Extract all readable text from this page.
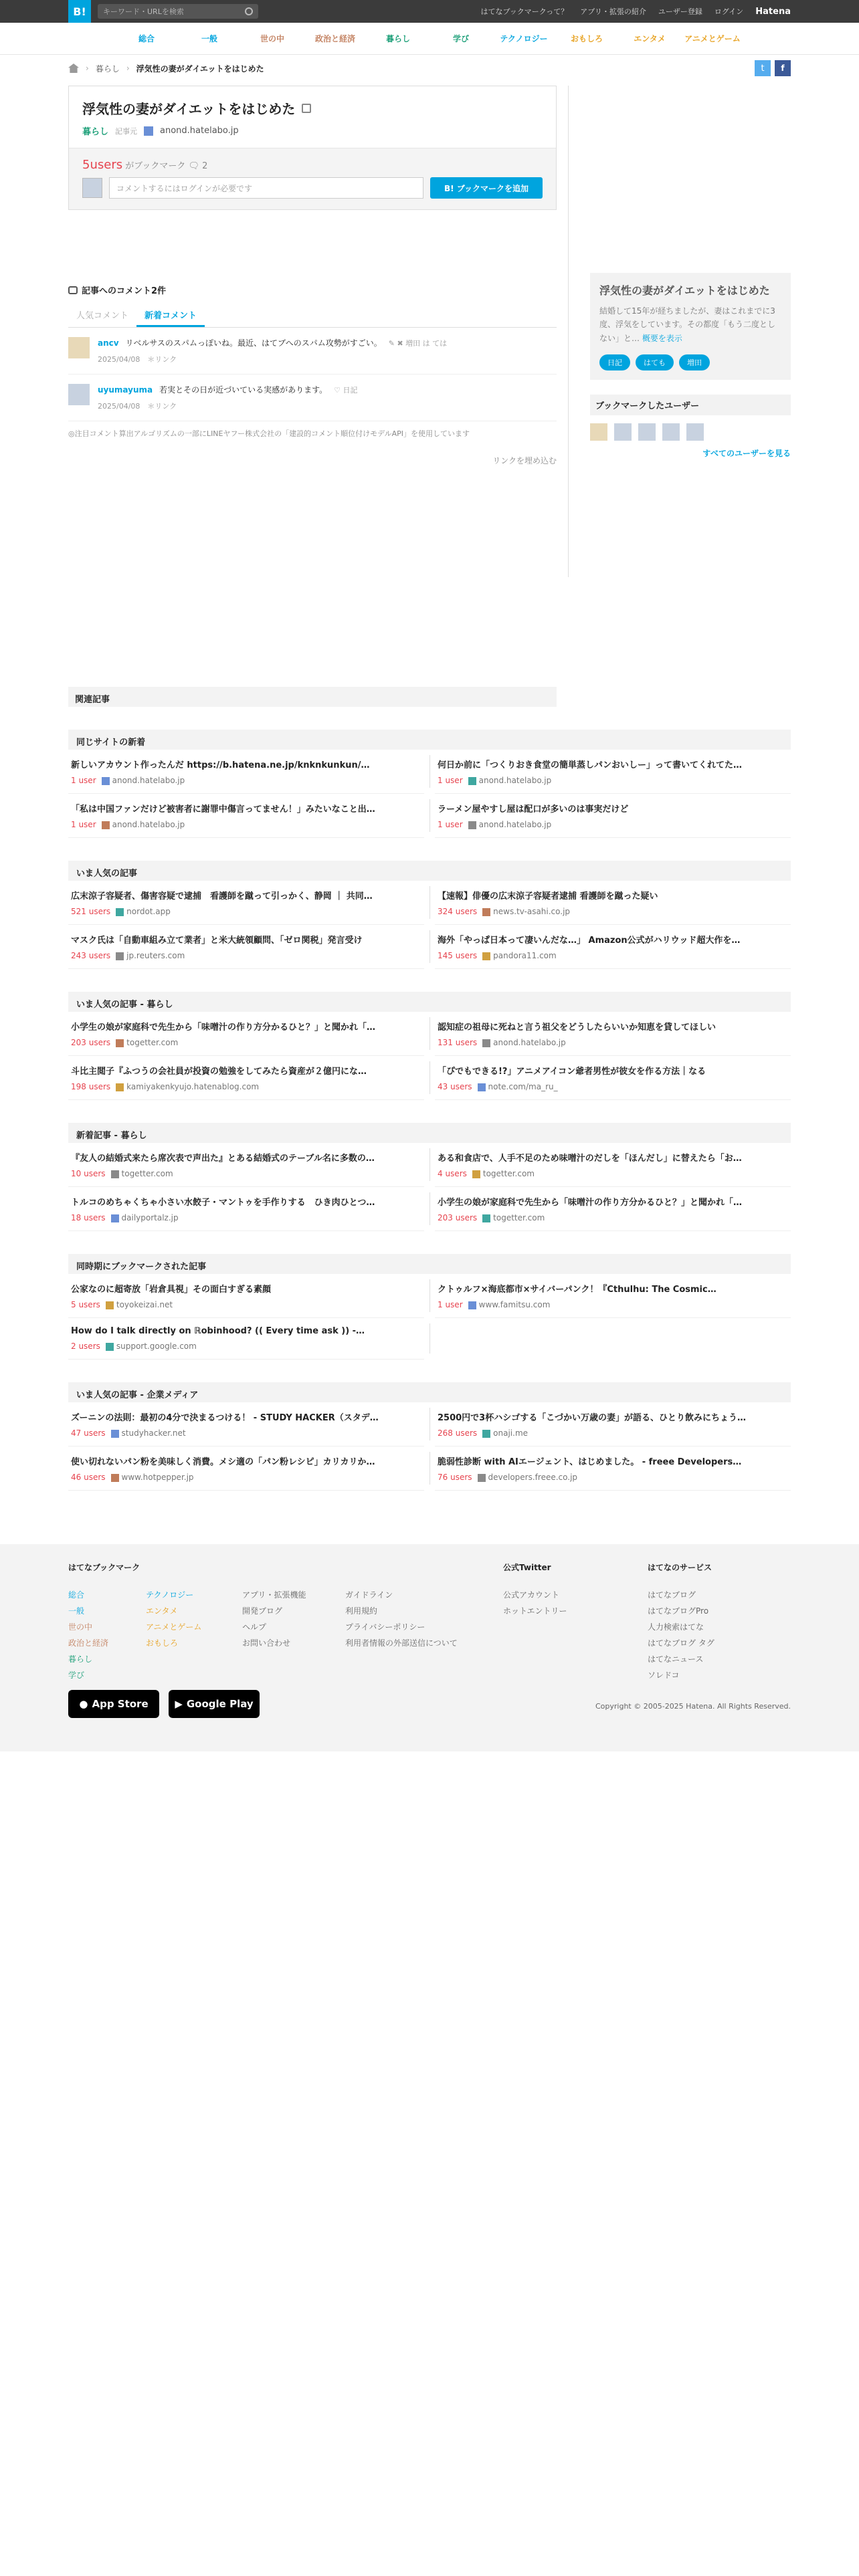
B!	キーワード・URLを検索	はてなブックマークって？ アプリ・拡張の紹介 ユーザー登録 ログイン Hatena
総合	一般	世の中	政治と経済	暮らし	学び	テクノロジー	おもしろ	エンタメ	アニメとゲーム
› 暮らし › 浮気性の妻がダイエットをはじめた	t	f
浮気性の妻がダイエットをはじめた
暮らし 記事元	anond.hatelabo.jp
5users がブックマーク 🗨 2
コメントするにはログインが必要です	B! ブックマークを追加
記事へのコメント2件
人気コメント	新着コメント
ancv リベルサスのスパムっぽいね。最近、はてブへのスパム攻勢がすごい。 ✎ ✖ 増田 は ては
2025/04/08　 ＊リンク
uyumayuma 若実とその日が近づいている実感があります。 ♡ 日記
2025/04/08　 ＊リンク
◎注目コメント算出アルゴリズムの一部にLINEヤフー株式会社の「建設的コメント順位付けモデルAPI」を使用しています
リンクを埋め込む
関連記事
浮気性の妻がダイエットをはじめた
結婚して15年が経ちましたが、妻はこれまでに3度、浮気をしています。その都度「もう二度としない」と… 概要を表示
日記	はても	増田
ブックマークしたユーザー
すべてのユーザーを見る
同じサイトの新着
新しいアカウント作ったんだ https://b.hatena.ne.jp/knknkunkun/…
1 user	anond.hatelabo.jp
何日か前に「つくりおき食堂の簡単蒸しパンおいしー」って書いてくれてた…
1 user	anond.hatelabo.jp
「私は中国ファンだけど被害者に謝罪中傷言ってません！」みたいなこと出…
1 user	anond.hatelabo.jp
ラーメン屋やすし屋は配口が多いのは事実だけど
1 user	anond.hatelabo.jp
いま人気の記事
広末涼子容疑者、傷害容疑で逮捕　看護師を蹴って引っかく、静岡 ｜ 共同…
521 users	nordot.app
【速報】俳優の広末涼子容疑者逮捕 看護師を蹴った疑い
324 users	news.tv-asahi.co.jp
マスク氏は「自動車組み立て業者」と米大統領顧問、「ゼロ関税」発言受け
243 users	jp.reuters.com
海外「やっぱ日本って凄いんだな…」 Amazon公式がハリウッド超大作を…
145 users	pandora11.com
いま人気の記事 - 暮らし
小学生の娘が家庭科で先生から「味噌汁の作り方分かるひと？」と聞かれ「…
203 users	togetter.com
認知症の祖母に死ねと言う祖父をどうしたらいいか知恵を貸してほしい
131 users	anond.hatelabo.jp
斗比主閲子『ふつうの会社員が投資の勉強をしてみたら資産が２億円にな…
198 users	kamiyakenkyujo.hatenablog.com
「ぴでもできる!?」アニメアイコン爺者男性が彼女を作る方法｜なる
43 users	note.com/ma_ru_
新着記事 - 暮らし
『友人の結婚式来たら席次表で声出た』とある結婚式のテーブル名に多数の…
10 users	togetter.com
ある和食店で、人手不足のため味噌汁のだしを「ほんだし」に替えたら「お…
4 users	togetter.com
トルコのめちゃくちゃ小さい水餃子・マントゥを手作りする　ひき肉ひとつ…
18 users	dailyportalz.jp
小学生の娘が家庭科で先生から「味噌汁の作り方分かるひと？」と聞かれ「…
203 users	togetter.com
同時期にブックマークされた記事
公家なのに超寄放「岩倉具視」その面白すぎる素顔
5 users	toyokeizai.net
クトゥルフ×海底都市×サイバーパンク！『Cthulhu: The Cosmic…
1 user	www.famitsu.com
How do I talk directly on ℝobinhood? (( Every time ask )) -…
2 users	support.google.com
いま人気の記事 - 企業メディア
ズーニンの法則：最初の4分で決まるつける！ - STUDY HACKER（スタデ…
47 users	studyhacker.net
2500円で3杯ハシゴする「こづかい万歳の妻」が語る、ひとり飲みにちょう…
268 users	onaji.me
使い切れないパン粉を美味しく消費。メシ適の「パン粉レシピ」カリカリか…
46 users	www.hotpepper.jp
脆弱性診断 with AIエージェント、はじめました。 - freee Developers…
76 users	developers.freee.co.jp
はてなブックマーク	公式Twitter	はてなのサービス
総合
一般
世の中
政治と経済
暮らし
学び
テクノロジー
エンタメ
アニメとゲーム
おもしろ
アプリ・拡張機能
開発ブログ
ヘルプ
お問い合わせ
ガイドライン
利用規約
プライバシーポリシー
利用者情報の外部送信について
公式アカウント
ホットエントリー
はてなブログ
はてなブログPro
人力検索はてな
はてなブログ タグ
はてなニュース
ソレドコ
● App Store	▶ Google Play	Copyright © 2005-2025 Hatena. All Rights Reserved.
